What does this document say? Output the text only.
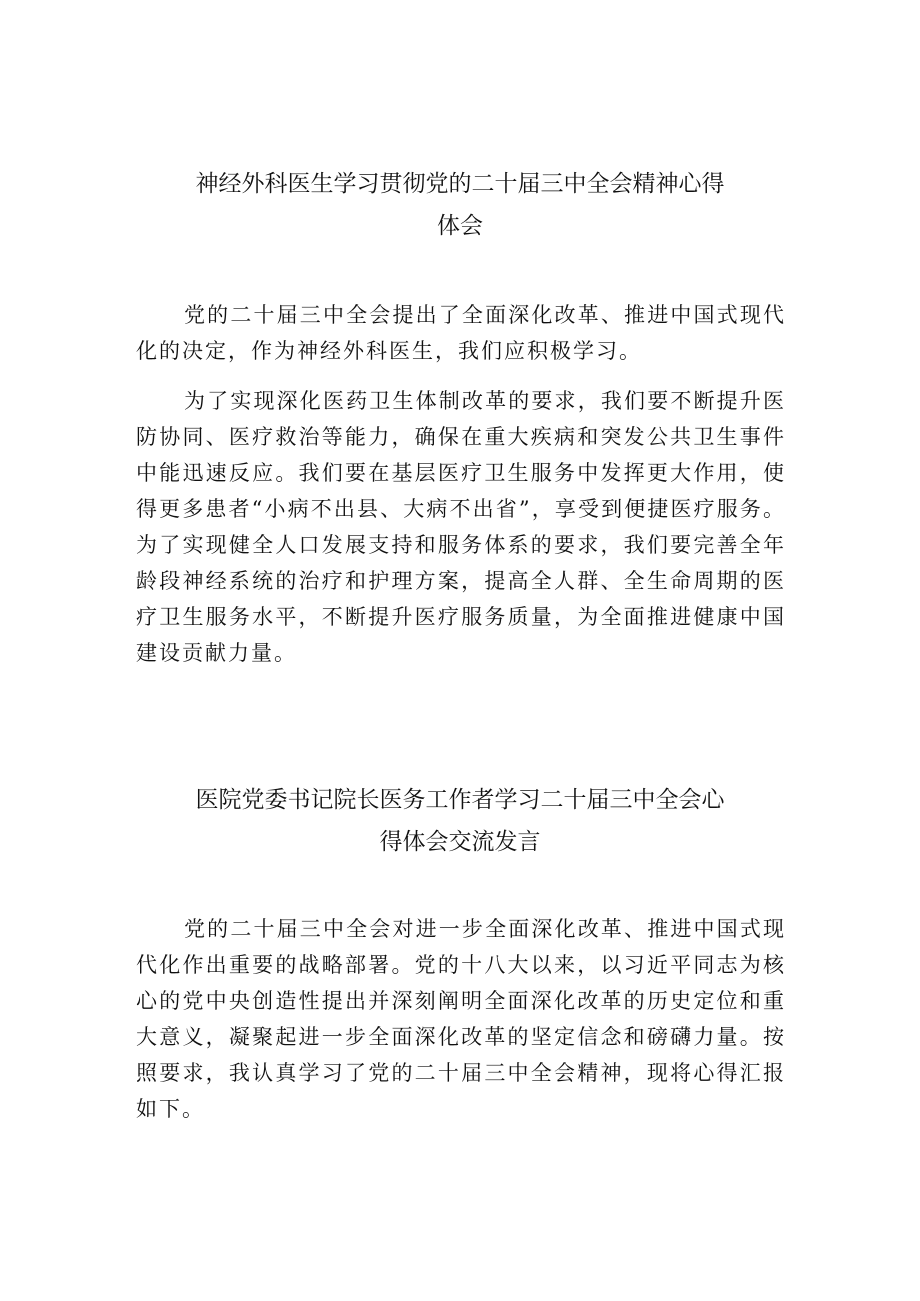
神经外科医生学习贯彻党的二十届三中全会精神心得
体会
党的二十届三中全会提出了全面深化改革、推进中国式现代
化的决定，作为神经外科医生，我们应积极学习。
为了实现深化医药卫生体制改革的要求，我们要不断提升医
防协同、医疗救治等能力，确保在重大疾病和突发公共卫生事件
中能迅速反应。我们要在基层医疗卫生服务中发挥更大作用，使
得更多患者“小病不出县、大病不出省”，享受到便捷医疗服务。
为了实现健全人口发展支持和服务体系的要求，我们要完善全年
龄段神经系统的治疗和护理方案，提高全人群、全生命周期的医
疗卫生服务水平，不断提升医疗服务质量，为全面推进健康中国
建设贡献力量。
医院党委书记院长医务工作者学习二十届三中全会心
得体会交流发言
党的二十届三中全会对进一步全面深化改革、推进中国式现
代化作出重要的战略部署。党的十八大以来，以习近平同志为核
心的党中央创造性提出并深刻阐明全面深化改革的历史定位和重
大意义，凝聚起进一步全面深化改革的坚定信念和磅礴力量。按
照要求，我认真学习了党的二十届三中全会精神，现将心得汇报
如下。
